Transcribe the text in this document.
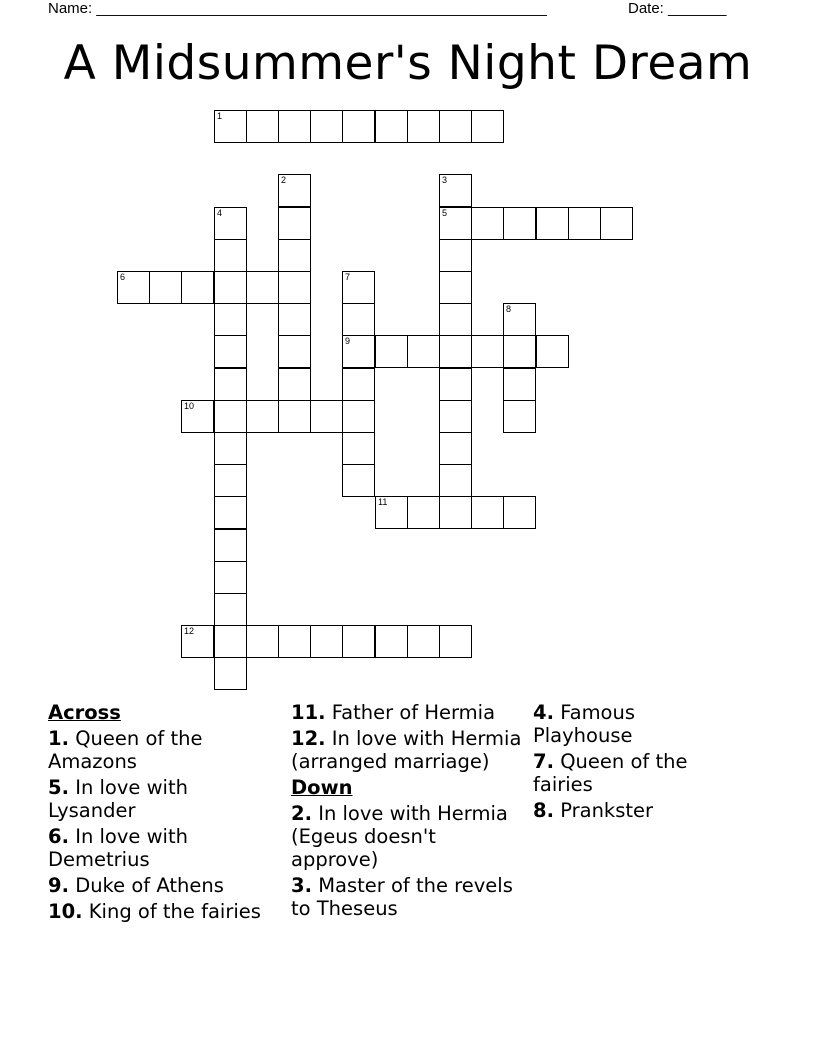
Name: ______________________________________________________	Date: _______
A Midsummer's Night Dream
1
2	3
4	5
6	7
8
9
10
11
12
Across
1. Queen of the Amazons
5. In love with Lysander
6. In love with Demetrius
9. Duke of Athens
10. King of the fairies
11. Father of Hermia
12. In love with Hermia (arranged marriage)
Down
2. In love with Hermia (Egeus doesn't approve)
3. Master of the revels to Theseus
4. Famous Playhouse
7. Queen of the fairies
8. Prankster
